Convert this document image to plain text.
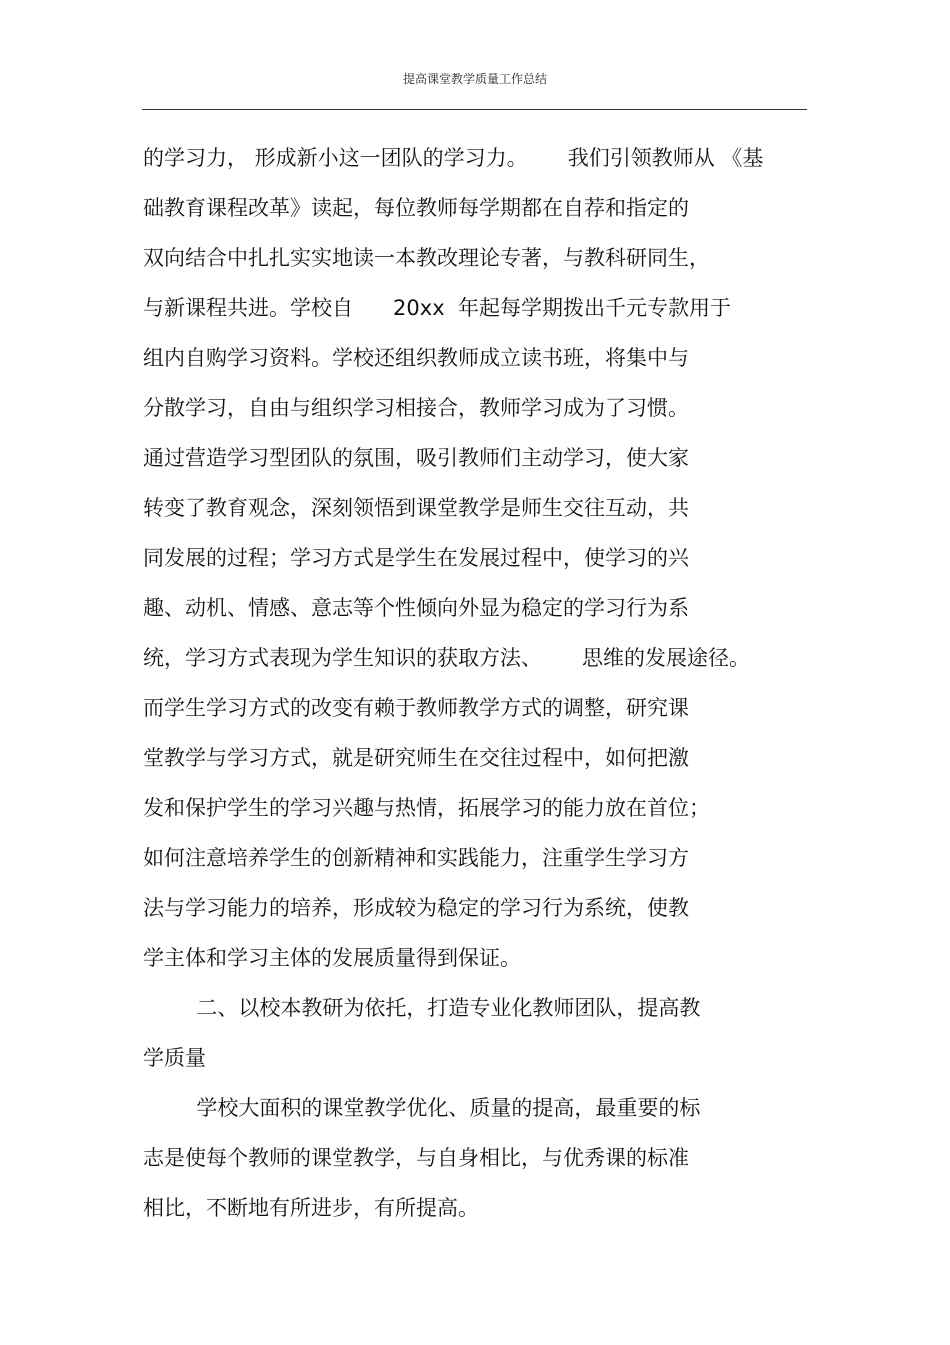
提高课堂教学质量工作总结
的学习力， 形成新小这一团队的学习力。      我们引领教师从 《基
础教育课程改革》读起，每位教师每学期都在自荐和指定的
双向结合中扎扎实实地读一本教改理论专著，与教科研同生，
与新课程共进。学校自      20xx  年起每学期拨出千元专款用于
组内自购学习资料。学校还组织教师成立读书班，将集中与
分散学习，自由与组织学习相接合，教师学习成为了习惯。
通过营造学习型团队的氛围，吸引教师们主动学习，使大家
转变了教育观念，深刻领悟到课堂教学是师生交往互动，共
同发展的过程；学习方式是学生在发展过程中，使学习的兴
趣、动机、情感、意志等个性倾向外显为稳定的学习行为系
统，学习方式表现为学生知识的获取方法、      思维的发展途径。
而学生学习方式的改变有赖于教师教学方式的调整，研究课
堂教学与学习方式，就是研究师生在交往过程中，如何把激
发和保护学生的学习兴趣与热情，拓展学习的能力放在首位；
如何注意培养学生的创新精神和实践能力，注重学生学习方
法与学习能力的培养，形成较为稳定的学习行为系统，使教
学主体和学习主体的发展质量得到保证。
二、以校本教研为依托，打造专业化教师团队，提高教
学质量
学校大面积的课堂教学优化、质量的提高，最重要的标
志是使每个教师的课堂教学，与自身相比，与优秀课的标准
相比，不断地有所进步，有所提高。
